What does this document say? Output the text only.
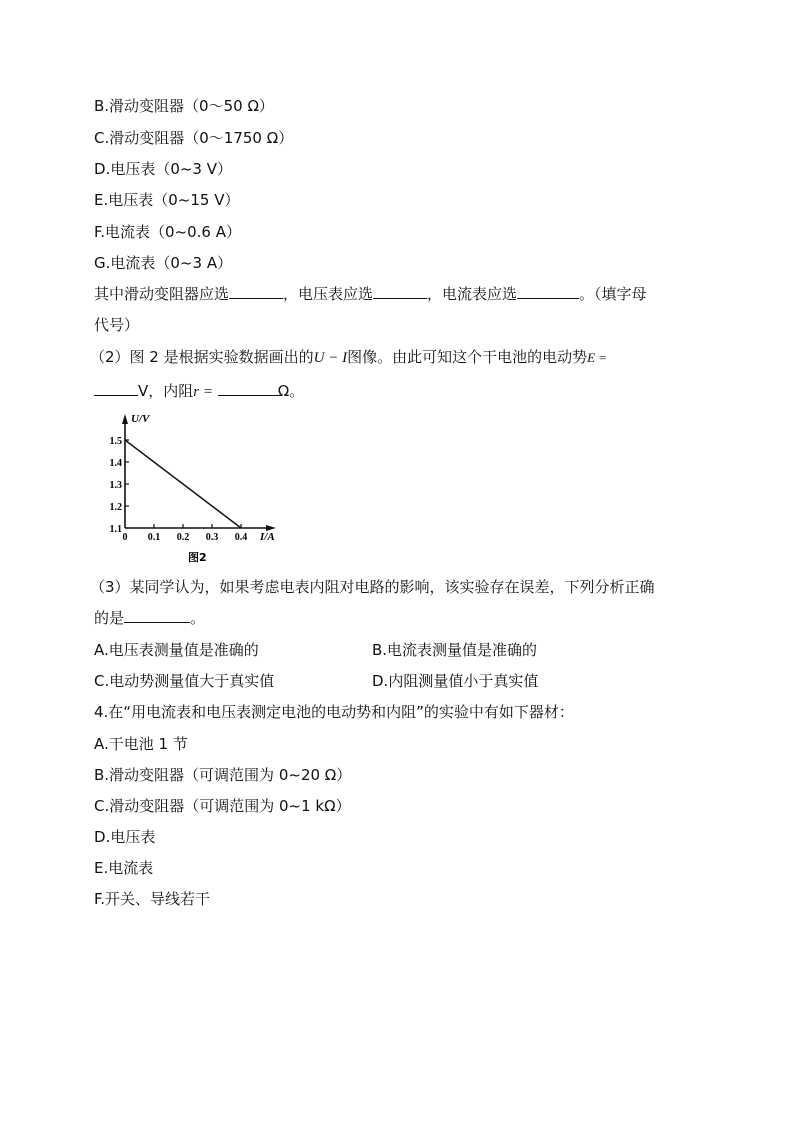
B.滑动变阻器（0～50 Ω）
C.滑动变阻器（0～1750 Ω）
D.电压表（0~3 V）
E.电压表（0~15 V）
F.电流表（0~0.6 A）
G.电流表（0~3 A）
其中滑动变阻器应选	，电压表应选	，电流表应选	。（填字母
代号）
（2）图 2 是根据实验数据画出的U − I图像。由此可知这个干电池的电动势E =
V，内阻r =	Ω。
1.1
1.2
1.3
1.4
1.5
0 0.1 0.2 0.3 0.4
U/V
I/A
图2
（3）某同学认为，如果考虑电表内阻对电路的影响，该实验存在误差，下列分析正确
的是	。
A.电压表测量值是准确的	B.电流表测量值是准确的
C.电动势测量值大于真实值	D.内阻测量值小于真实值
4.在“用电流表和电压表测定电池的电动势和内阻”的实验中有如下器材：
A.干电池 1 节
B.滑动变阻器（可调范围为 0~20 Ω）
C.滑动变阻器（可调范围为 0~1 kΩ）
D.电压表
E.电流表
F.开关、导线若干
